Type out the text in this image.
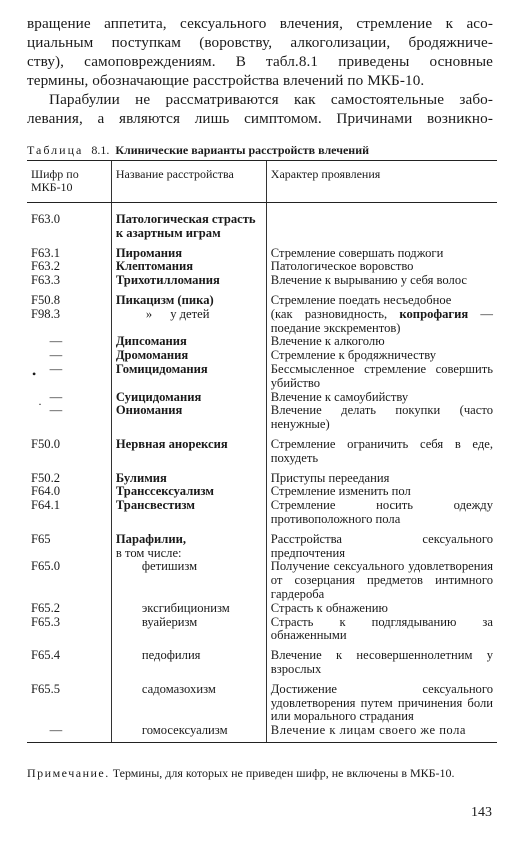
вращение аппетита, сексуального влечения, стремление к асо-
циальным поступкам (воровству, алкоголизации, бродяжниче-
ству), самоповреждениям. В табл.8.1 приведены основные
термины, обозначающие расстройства влечений по МКБ-10.
Парабулии не рассматриваются как самостоятельные забо-
левания, а являются лишь симптомом. Причинами возникно-
Таблица 8.1. Клинические варианты расстройств влечений
Шифр по МКБ-10	Название расстройства	Характер проявления
F63.0	Патологическая страсть к азартным играм	
F63.1	Пиромания	Стремление совершать поджоги
F63.2	Клептомания	Патологическое воровство
F63.3	Трихотилломания	Влечение к вырыванию у себя волос
F50.8	Пикацизм (пика)	Стремление поедать несъедобное
F98.3	» у детей	(как разновидность, копрофагия — поедание экскрементов)
—	Дипсомания	Влечение к алкоголю
—	Дромомания	Стремление к бродяжничеству
—	Гомицидомания	Бессмысленное стремление совершить убийство
—	Суицидомания	Влечение к самоубийству
—	Ониомания	Влечение делать покупки (часто ненужные)
F50.0	Нервная анорексия	Стремление ограничить себя в еде, похудеть
F50.2	Булимия	Приступы переедания
F64.0	Транссексуализм	Стремление изменить пол
F64.1	Трансвестизм	Стремление носить одежду противоположного пола
F65	Парафилии,
в том числе:	Расстройства сексуального предпочтения
F65.0	фетишизм	Получение сексуального удовлетворения от созерцания предметов интимного гардероба
F65.2	эксгибиционизм	Страсть к обнажению
F65.3	вуайеризм	Страсть к подглядыванию за обнаженными
F65.4	педофилия	Влечение к несовершеннолетним у взрослых
F65.5	садомазохизм	Достижение сексуального удовлетворения путем причинения боли или морального страдания
—	гомосексуализм	Влечение к лицам своего же пола
•
·
Примечание. Термины, для которых не приведен шифр, не включены в МКБ-10.
143
